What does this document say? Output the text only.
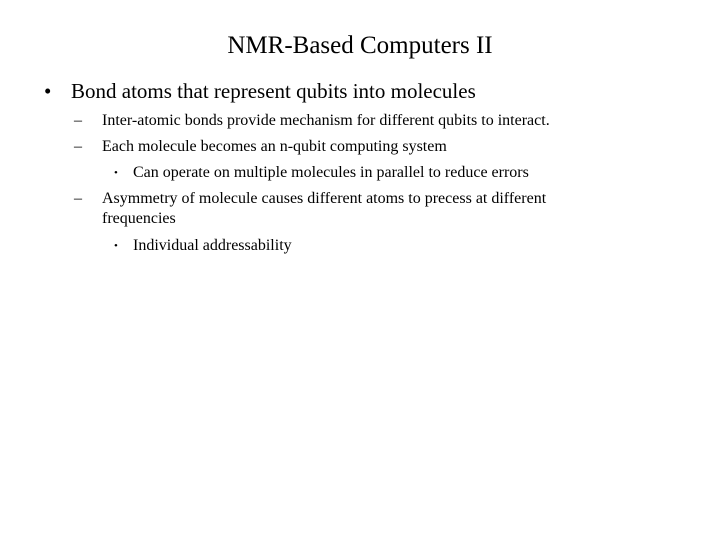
NMR-Based Computers II
• Bond atoms that represent qubits into molecules
– Inter-atomic bonds provide mechanism for different qubits to interact.
– Each molecule becomes an n-qubit computing system
• Can operate on multiple molecules in parallel to reduce errors
– Asymmetry of molecule causes different atoms to precess at different frequencies
• Individual addressability
